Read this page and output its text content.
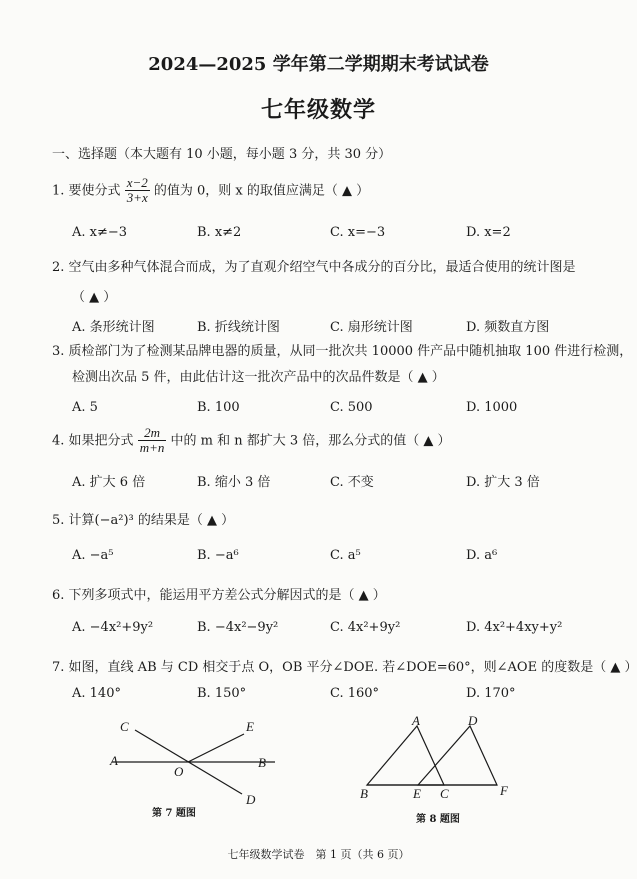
2024—2025 学年第二学期期末考试试卷
七年级数学
一、选择题（本大题有 10 小题，每小题 3 分，共 30 分）
1. 要使分式 $\frac{x-2}{3+x}$ 的值为 0，则 x 的取值应满足（ ▲ ）
A. x≠−3	B. x≠2	C. x=−3	D. x=2
2. 空气由多种气体混合而成，为了直观介绍空气中各成分的百分比，最适合使用的统计图是
（ ▲ ）
A. 条形统计图	B. 折线统计图	C. 扇形统计图	D. 频数直方图
3. 质检部门为了检测某品牌电器的质量，从同一批次共 10000 件产品中随机抽取 100 件进行检测，
检测出次品 5 件，由此估计这一批次产品中的次品件数是（ ▲ ）
A. 5	B. 100	C. 500	D. 1000
4. 如果把分式 $\frac{2m}{m+n}$ 中的 m 和 n 都扩大 3 倍，那么分式的值（ ▲ ）
A. 扩大 6 倍	B. 缩小 3 倍	C. 不变	D. 扩大 3 倍
5. 计算(−a²)³ 的结果是（ ▲ ）
A. −a⁵	B. −a⁶	C. a⁵	D. a⁶
6. 下列多项式中，能运用平方差公式分解因式的是（ ▲ ）
A. −4x²+9y²	B. −4x²−9y²	C. 4x²+9y²	D. 4x²+4xy+y²
7. 如图，直线 AB 与 CD 相交于点 O，OB 平分∠DOE. 若∠DOE=60°，则∠AOE 的度数是（ ▲ ）
A. 140°	B. 150°	C. 160°	D. 170°
C	E
A
O
B
D
第 7 题图
A	D
B	E C	F
第 8 题图
七年级数学试卷　第 1 页（共 6 页）
